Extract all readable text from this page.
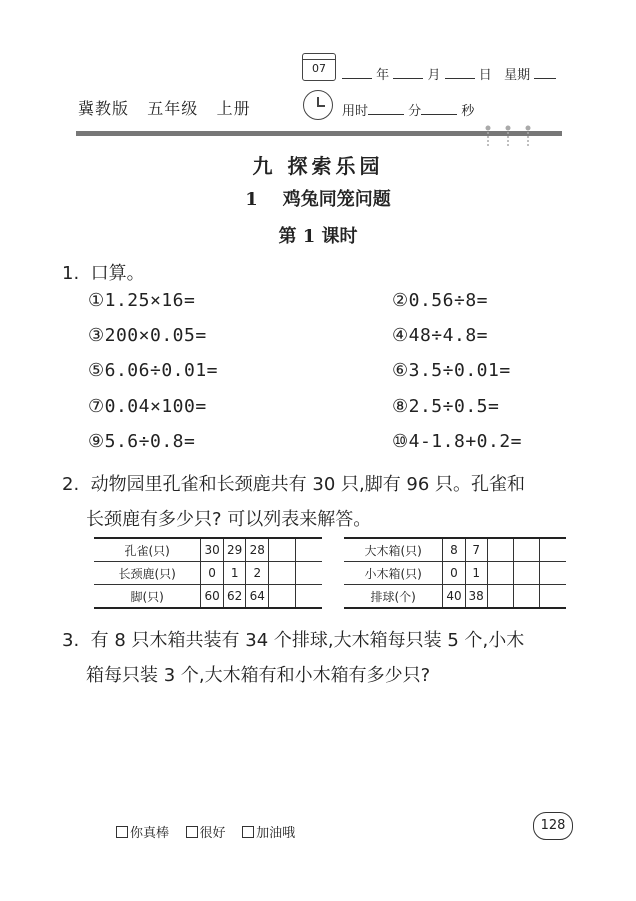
07	年	月	日 星期
冀教版 五年级 上册	用时	分	秒
九 探索乐园
1 鸡兔同笼问题
第 1 课时
1. 口算。
①1.25×16=	②0.56÷8=
③200×0.05=	④48÷4.8=
⑤6.06÷0.01=	⑥3.5÷0.01=
⑦0.04×100=	⑧2.5÷0.5=
⑨5.6÷0.8=	⑩4-1.8+0.2=
2. 动物园里孔雀和长颈鹿共有 30 只,脚有 96 只。孔雀和
长颈鹿有多少只? 可以列表来解答。
孔雀(只)	30	29	28		
长颈鹿(只)	0	1	2		
脚(只)	60	62	64		
大木箱(只)	8	7			
小木箱(只)	0	1			
排球(个)	40	38			
3. 有 8 只木箱共装有 34 个排球,大木箱每只装 5 个,小木
箱每只装 3 个,大木箱有和小木箱有多少只?
你真棒 很好 加油哦
128
